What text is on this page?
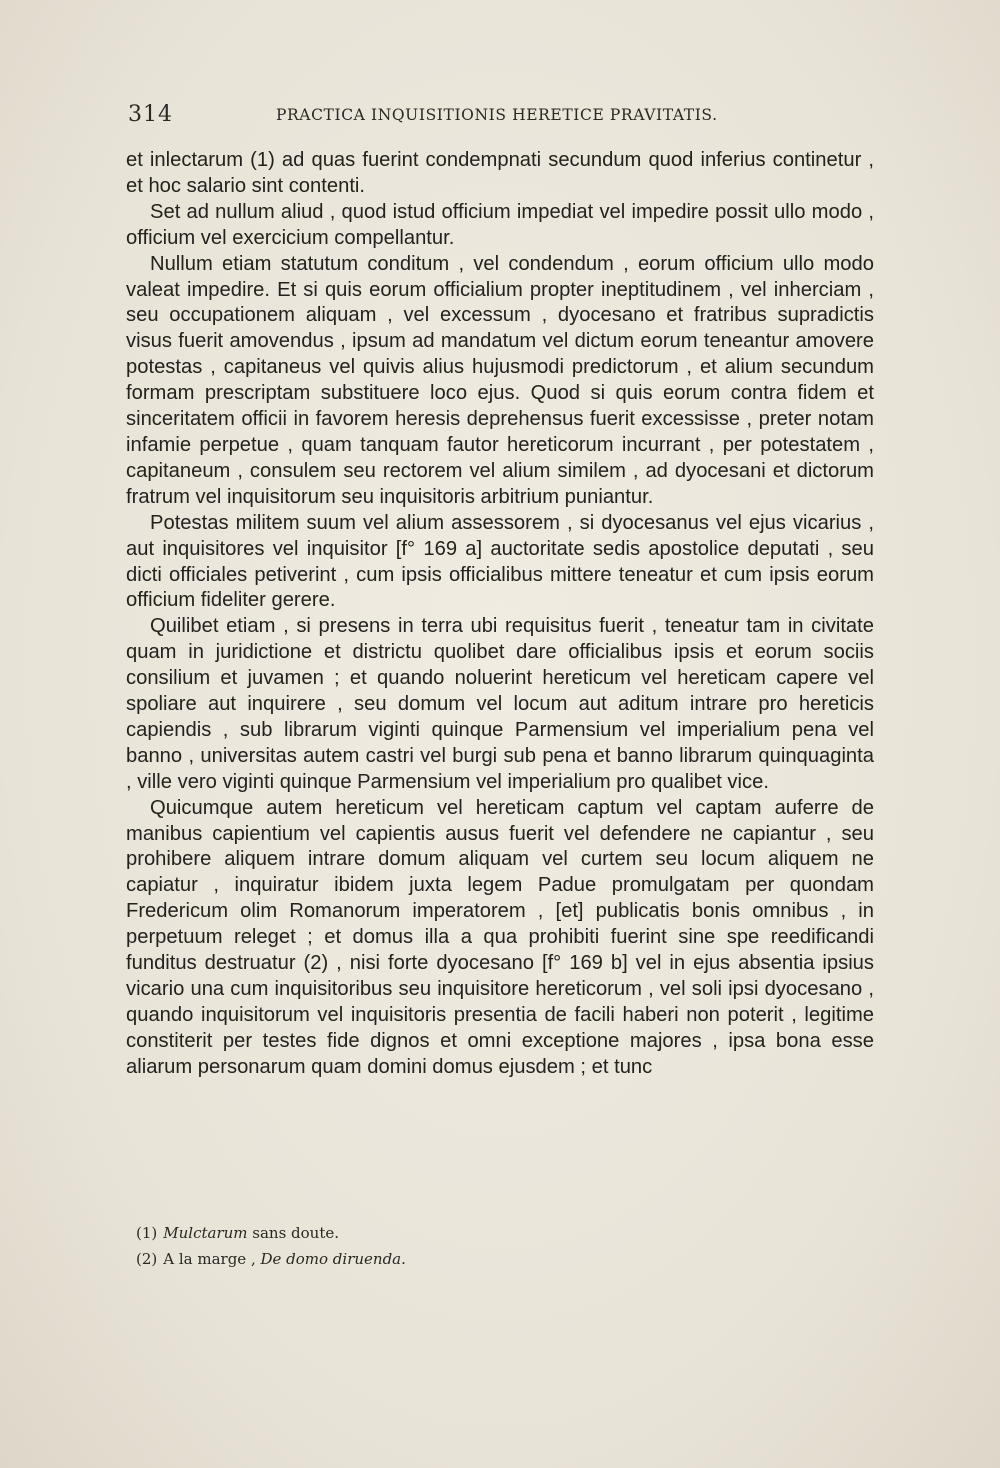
314	PRACTICA INQUISITIONIS HERETICE PRAVITATIS.

et inlectarum (1) ad quas fuerint condempnati secundum quod inferius continetur , et hoc salario sint contenti.

Set ad nullum aliud , quod istud officium impediat vel impedire possit ullo modo , officium vel exercicium compellantur.

Nullum etiam statutum conditum , vel condendum , eorum officium ullo modo valeat impedire. Et si quis eorum officialium propter ineptitudinem , vel inherciam , seu occupationem aliquam , vel excessum , dyocesano et fratribus supradictis visus fuerit amovendus , ipsum ad mandatum vel dictum eorum teneantur amovere potestas , capitaneus vel quivis alius hujusmodi predictorum , et alium secundum formam prescriptam substituere loco ejus. Quod si quis eorum contra fidem et sinceritatem officii in favorem heresis deprehensus fuerit excessisse , preter notam infamie perpetue , quam tanquam fautor hereticorum incurrant , per potestatem , capitaneum , consulem seu rectorem vel alium similem , ad dyocesani et dictorum fratrum vel inquisitorum seu inquisitoris arbitrium puniantur.

Potestas militem suum vel alium assessorem , si dyocesanus vel ejus vicarius , aut inquisitores vel inquisitor [f° 169 a] auctoritate sedis apostolice deputati , seu dicti officiales petiverint , cum ipsis officialibus mittere teneatur et cum ipsis eorum officium fideliter gerere.

Quilibet etiam , si presens in terra ubi requisitus fuerit , teneatur tam in civitate quam in juridictione et districtu quolibet dare officialibus ipsis et eorum sociis consilium et juvamen ; et quando noluerint hereticum vel hereticam capere vel spoliare aut inquirere , seu domum vel locum aut aditum intrare pro hereticis capiendis , sub librarum viginti quinque Parmensium vel imperialium pena vel banno , universitas autem castri vel burgi sub pena et banno librarum quinquaginta , ville vero viginti quinque Parmensium vel imperialium pro qualibet vice.

Quicumque autem hereticum vel hereticam captum vel captam auferre de manibus capientium vel capientis ausus fuerit vel defendere ne capiantur , seu prohibere aliquem intrare domum aliquam vel curtem seu locum aliquem ne capiatur , inquiratur ibidem juxta legem Padue promulgatam per quondam Fredericum olim Romanorum imperatorem , [et] publicatis bonis omnibus , in perpetuum releget ; et domus illa a qua prohibiti fuerint sine spe reedificandi funditus destruatur (2) , nisi forte dyocesano [f° 169 b] vel in ejus absentia ipsius vicario una cum inquisitoribus seu inquisitore hereticorum , vel soli ipsi dyocesano , quando inquisitorum vel inquisitoris presentia de facili haberi non poterit , legitime constiterit per testes fide dignos et omni exceptione majores , ipsa bona esse aliarum personarum quam domini domus ejusdem ; et tunc

(1) Mulctarum sans doute.
(2) A la marge , De domo diruenda.
